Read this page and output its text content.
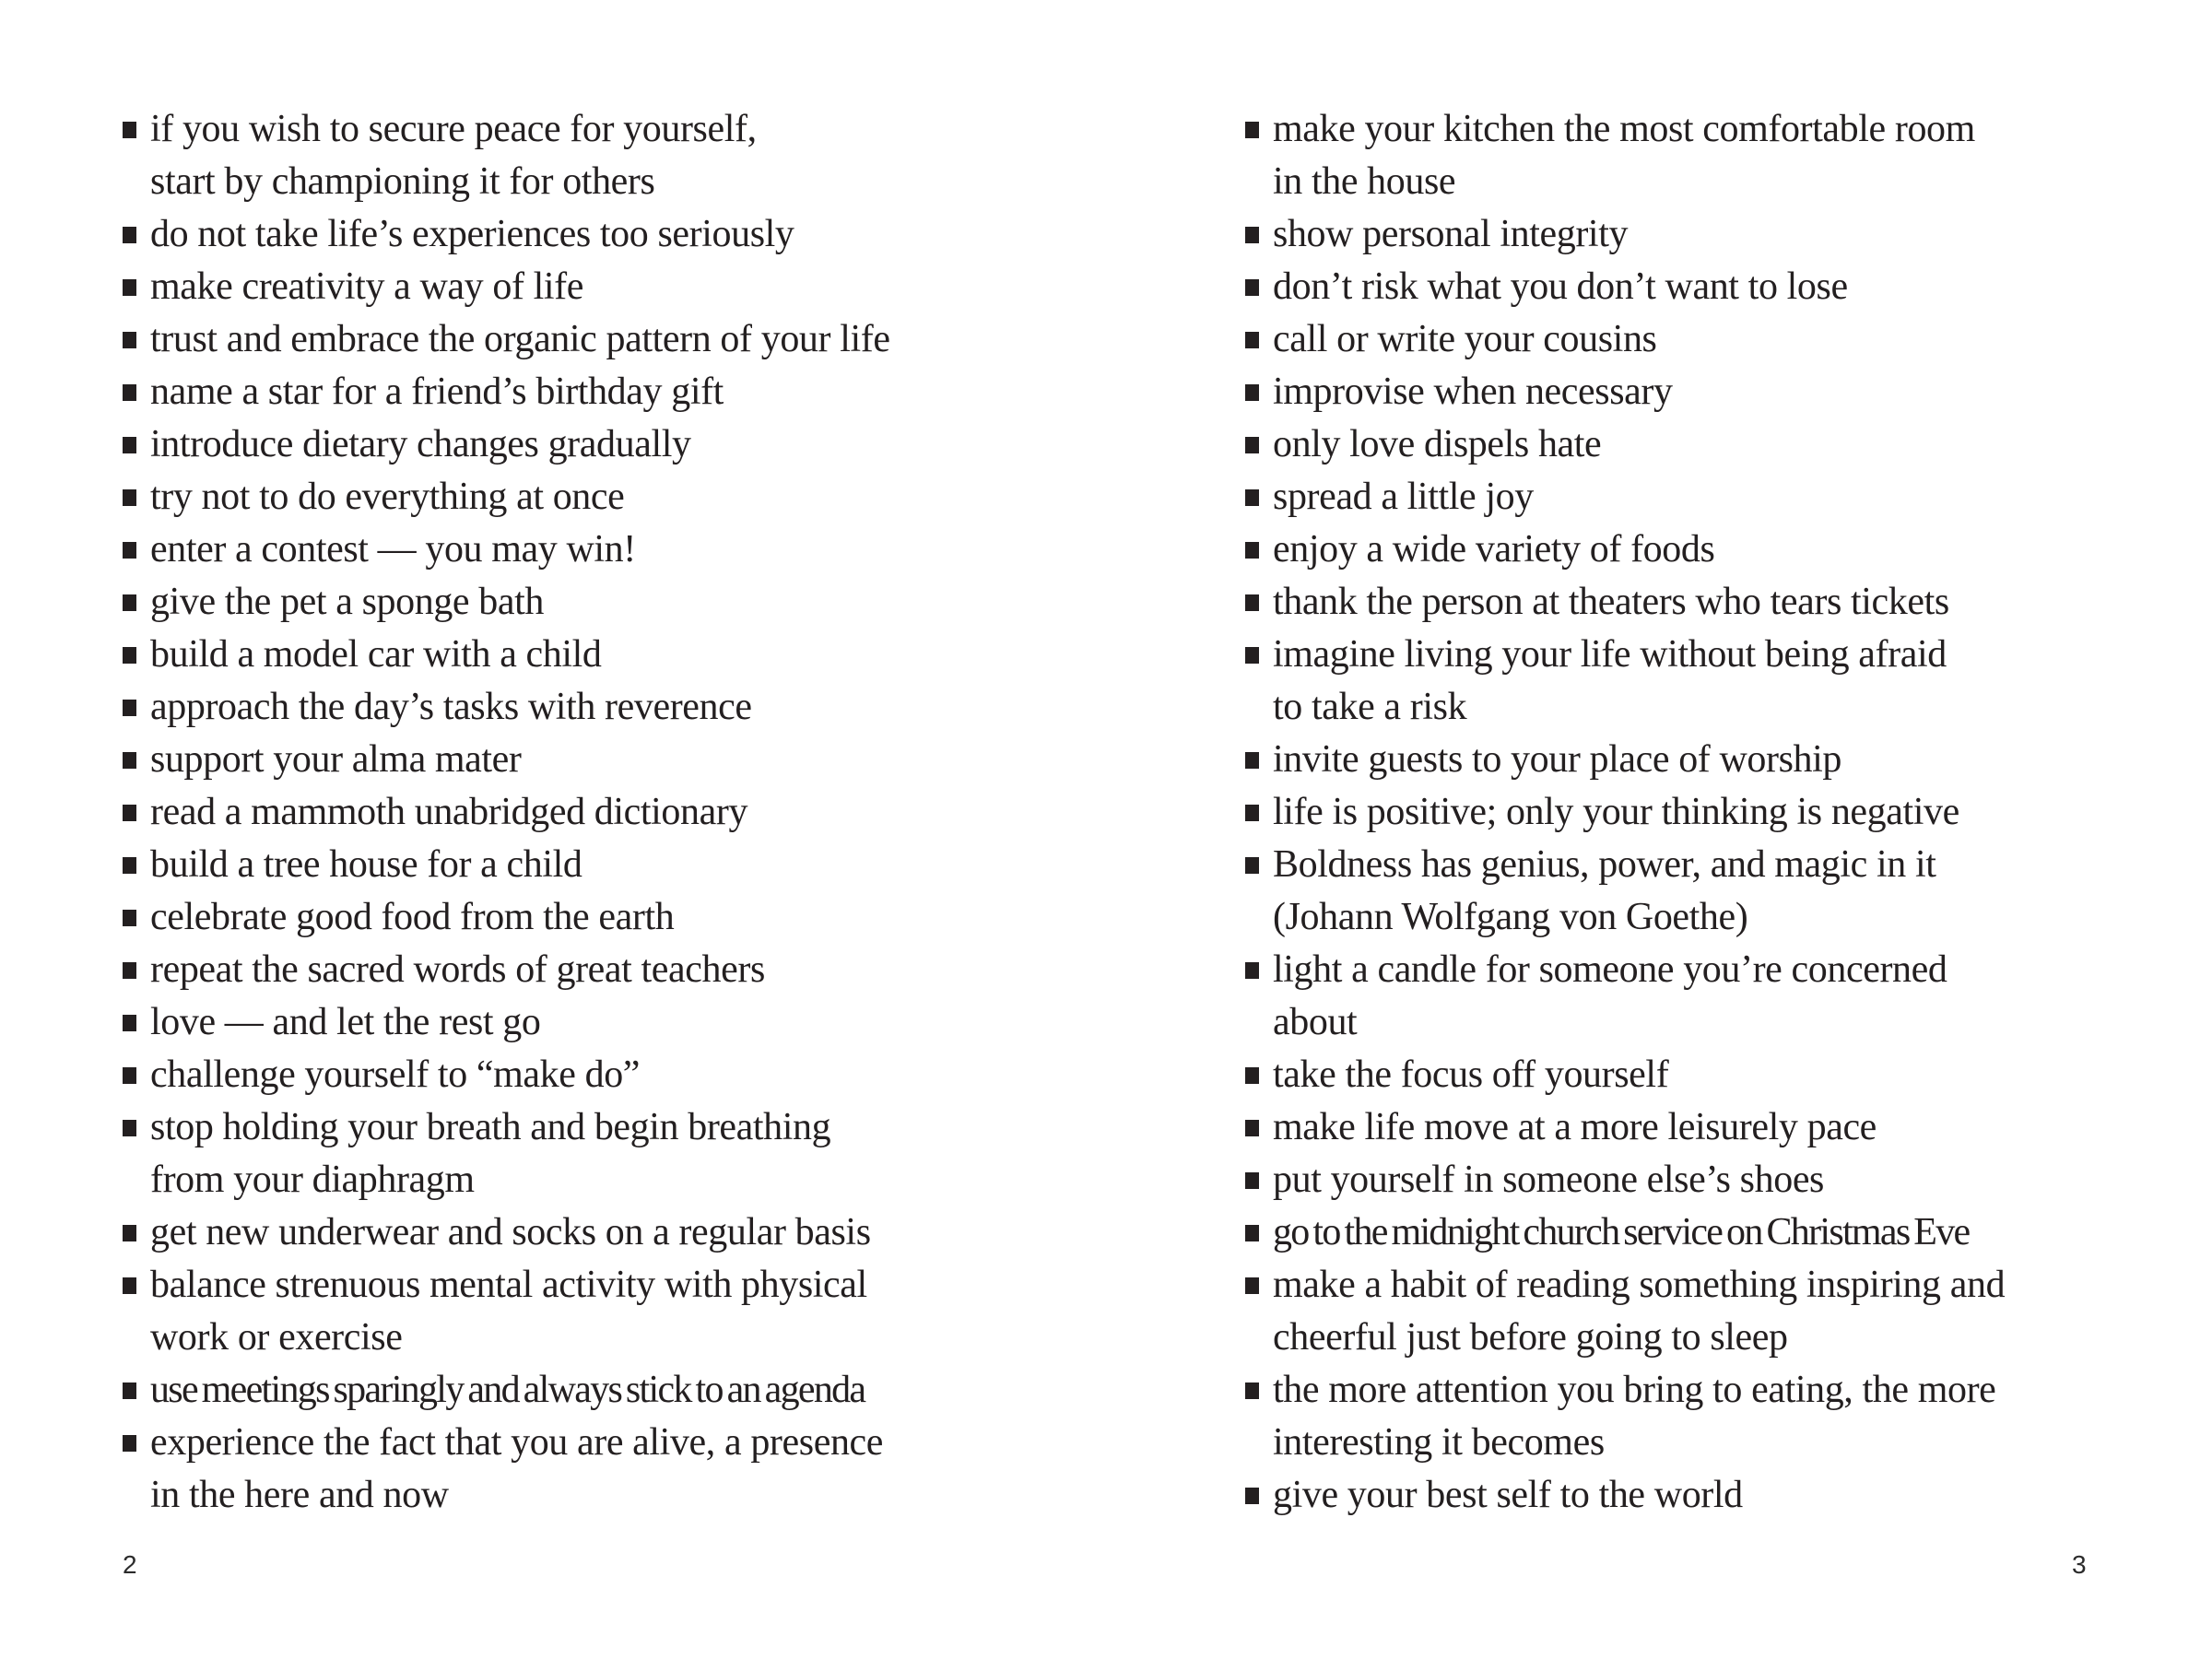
if you wish to secure peace for yourself,
start by championing it for others
do not take life’s experiences too seriously
make creativity a way of life
trust and embrace the organic pattern of your life
name a star for a friend’s birthday gift
introduce dietary changes gradually
try not to do everything at once
enter a contest — you may win!
give the pet a sponge bath
build a model car with a child
approach the day’s tasks with reverence
support your alma mater
read a mammoth unabridged dictionary
build a tree house for a child
celebrate good food from the earth
repeat the sacred words of great teachers
love — and let the rest go
challenge yourself to “make do”
stop holding your breath and begin breathing
from your diaphragm
get new underwear and socks on a regular basis
balance strenuous mental activity with physical
work or exercise
use meetings sparingly and always stick to an agenda
experience the fact that you are alive, a presence
in the here and now
2
make your kitchen the most comfortable room
in the house
show personal integrity
don’t risk what you don’t want to lose
call or write your cousins
improvise when necessary
only love dispels hate
spread a little joy
enjoy a wide variety of foods
thank the person at theaters who tears tickets
imagine living your life without being afraid
to take a risk
invite guests to your place of worship
life is positive; only your thinking is negative
Boldness has genius, power, and magic in it
(Johann Wolfgang von Goethe)
light a candle for someone you’re concerned
about
take the focus off yourself
make life move at a more leisurely pace
put yourself in someone else’s shoes
go to the midnight church service on Christmas Eve
make a habit of reading something inspiring and
cheerful just before going to sleep
the more attention you bring to eating, the more
interesting it becomes
give your best self to the world
3
